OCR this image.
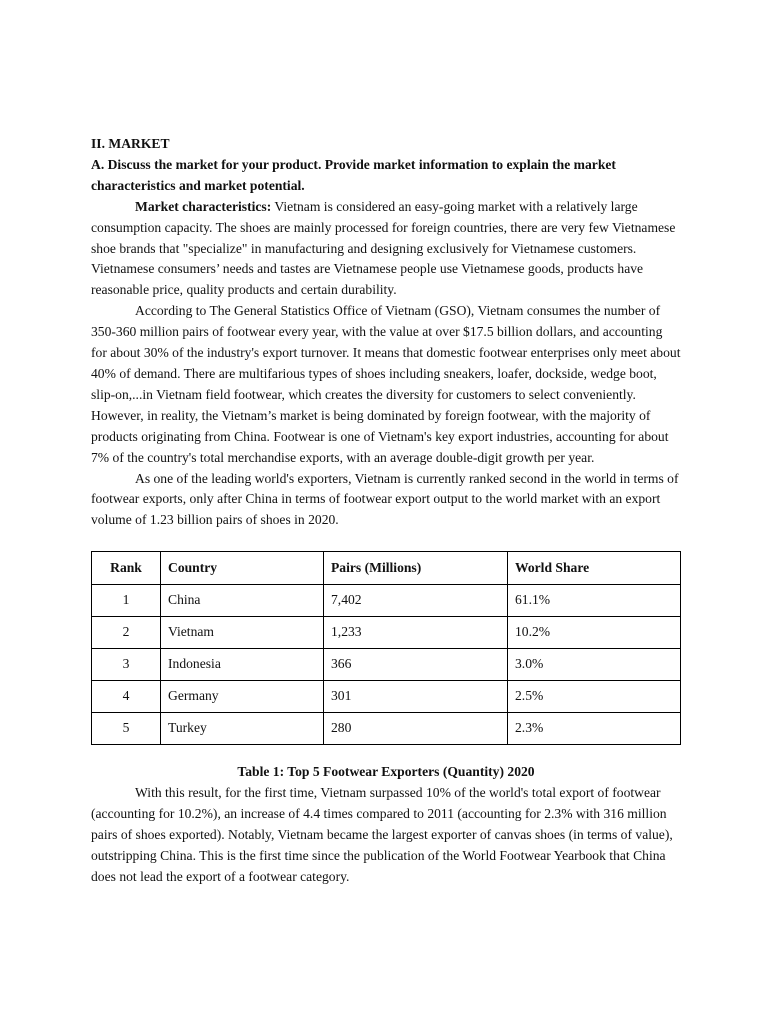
II. MARKET

A. Discuss the market for your product. Provide market information to explain the market characteristics and market potential.

Market characteristics: Vietnam is considered an easy-going market with a relatively large consumption capacity. The shoes are mainly processed for foreign countries, there are very few Vietnamese shoe brands that "specialize" in manufacturing and designing exclusively for Vietnamese customers. Vietnamese consumers’ needs and tastes are Vietnamese people use Vietnamese goods, products have reasonable price, quality products and certain durability.

According to The General Statistics Office of Vietnam (GSO), Vietnam consumes the number of 350-360 million pairs of footwear every year, with the value at over $17.5 billion dollars, and accounting for about 30% of the industry's export turnover. It means that domestic footwear enterprises only meet about 40% of demand. There are multifarious types of shoes including sneakers, loafer, dockside, wedge boot, slip-on,...in Vietnam field footwear, which creates the diversity for customers to select conveniently. However, in reality, the Vietnam’s market is being dominated by foreign footwear, with the majority of products originating from China. Footwear is one of Vietnam's key export industries, accounting for about 7% of the country's total merchandise exports, with an average double-digit growth per year.

As one of the leading world's exporters, Vietnam is currently ranked second in the world in terms of footwear exports, only after China in terms of footwear export output to the world market with an export volume of 1.23 billion pairs of shoes in 2020.

Rank	Country	Pairs (Millions)	World Share
1	China	7,402	61.1%
2	Vietnam	1,233	10.2%
3	Indonesia	366	3.0%
4	Germany	301	2.5%
5	Turkey	280	2.3%

Table 1: Top 5 Footwear Exporters (Quantity) 2020

With this result, for the first time, Vietnam surpassed 10% of the world's total export of footwear (accounting for 10.2%), an increase of 4.4 times compared to 2011 (accounting for 2.3% with 316 million pairs of shoes exported). Notably, Vietnam became the largest exporter of canvas shoes (in terms of value), outstripping China. This is the first time since the publication of the World Footwear Yearbook that China does not lead the export of a footwear category.
